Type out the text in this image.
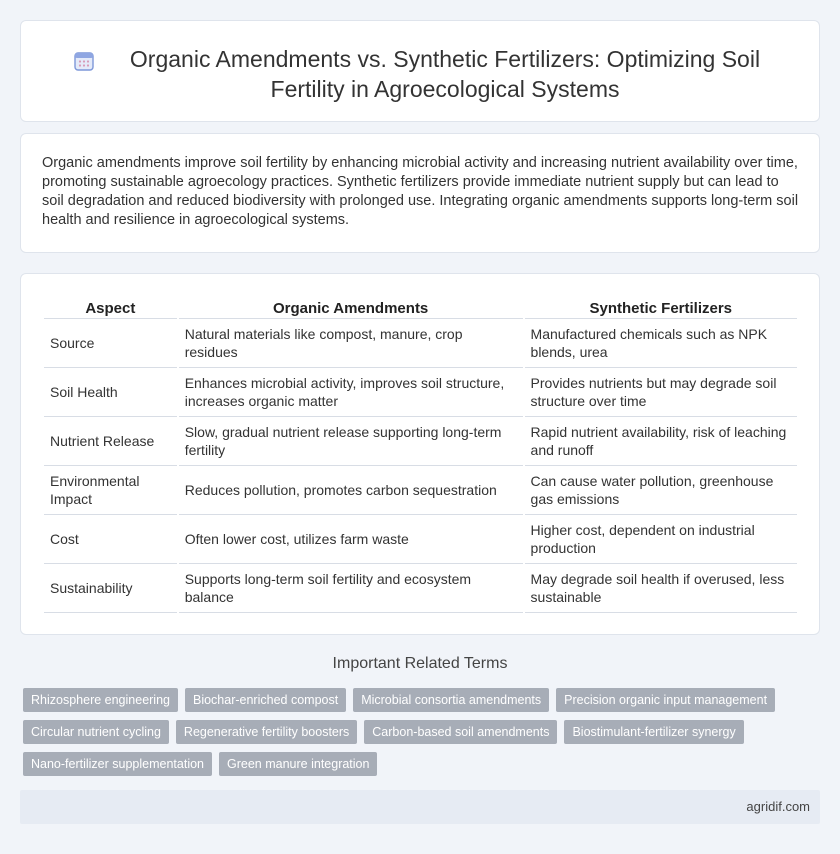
Organic Amendments vs. Synthetic Fertilizers: Optimizing Soil Fertility in Agroecological Systems

Organic amendments improve soil fertility by enhancing microbial activity and increasing nutrient availability over time, promoting sustainable agroecology practices. Synthetic fertilizers provide immediate nutrient supply but can lead to soil degradation and reduced biodiversity with prolonged use. Integrating organic amendments supports long-term soil health and resilience in agroecological systems.

Aspect	Organic Amendments	Synthetic Fertilizers
Source	Natural materials like compost, manure, crop residues	Manufactured chemicals such as NPK blends, urea
Soil Health	Enhances microbial activity, improves soil structure, increases organic matter	Provides nutrients but may degrade soil structure over time
Nutrient Release	Slow, gradual nutrient release supporting long-term fertility	Rapid nutrient availability, risk of leaching and runoff
Environmental Impact	Reduces pollution, promotes carbon sequestration	Can cause water pollution, greenhouse gas emissions
Cost	Often lower cost, utilizes farm waste	Higher cost, dependent on industrial production
Sustainability	Supports long-term soil fertility and ecosystem balance	May degrade soil health if overused, less sustainable
Important Related Terms
Rhizosphere engineering	Biochar-enriched compost	Microbial consortia amendments	Precision organic input management
Circular nutrient cycling	Regenerative fertility boosters	Carbon-based soil amendments	Biostimulant-fertilizer synergy
Nano-fertilizer supplementation	Green manure integration
agridif.com
